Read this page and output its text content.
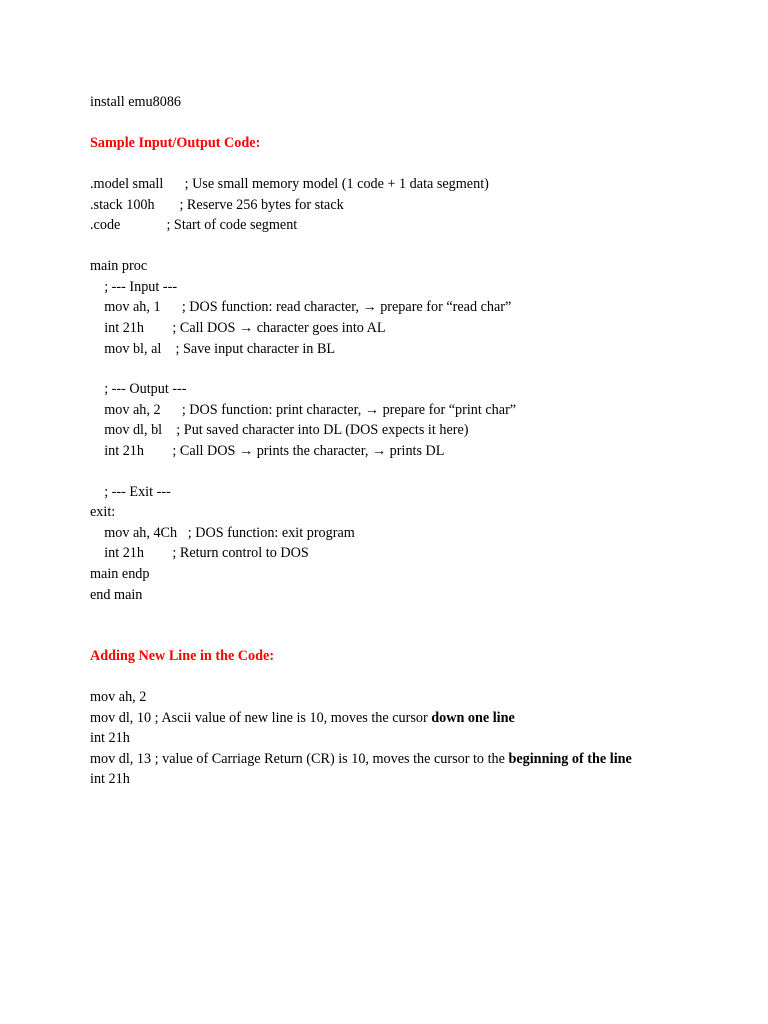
install emu8086
Sample Input/Output Code:
.model small      ; Use small memory model (1 code + 1 data segment)
.stack 100h       ; Reserve 256 bytes for stack
.code             ; Start of code segment
main proc
; --- Input ---
mov ah, 1      ; DOS function: read character, → prepare for “read char”
int 21h        ; Call DOS → character goes into AL
mov bl, al    ; Save input character in BL
; --- Output ---
mov ah, 2      ; DOS function: print character, → prepare for “print char”
mov dl, bl    ; Put saved character into DL (DOS expects it here)
int 21h        ; Call DOS → prints the character, → prints DL
; --- Exit ---
exit:
mov ah, 4Ch   ; DOS function: exit program
int 21h        ; Return control to DOS
main endp
end main
Adding New Line in the Code:
mov ah, 2
mov dl, 10 ; Ascii value of new line is 10, moves the cursor down one line
int 21h
mov dl, 13 ; value of Carriage Return (CR) is 10, moves the cursor to the beginning of the line
int 21h
